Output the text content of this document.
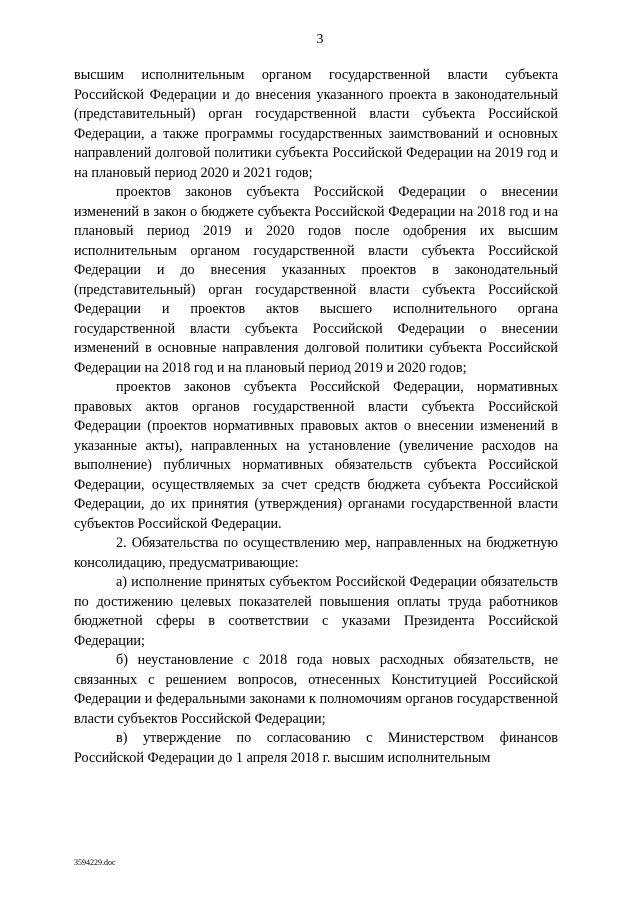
3

высшим исполнительным органом государственной власти субъекта Российской Федерации и до внесения указанного проекта в законодательный (представительный) орган государственной власти субъекта Российской Федерации, а также программы государственных заимствований и основных направлений долговой политики субъекта Российской Федерации на 2019 год и на плановый период 2020 и 2021 годов;

проектов законов субъекта Российской Федерации о внесении изменений в закон о бюджете субъекта Российской Федерации на 2018 год и на плановый период 2019 и 2020 годов после одобрения их высшим исполнительным органом государственной власти субъекта Российской Федерации и до внесения указанных проектов в законодательный (представительный) орган государственной власти субъекта Российской Федерации и проектов актов высшего исполнительного органа государственной власти субъекта Российской Федерации о внесении изменений в основные направления долговой политики субъекта Российской Федерации на 2018 год и на плановый период 2019 и 2020 годов;

проектов законов субъекта Российской Федерации, нормативных правовых актов органов государственной власти субъекта Российской Федерации (проектов нормативных правовых актов о внесении изменений в указанные акты), направленных на установление (увеличение расходов на выполнение) публичных нормативных обязательств субъекта Российской Федерации, осуществляемых за счет средств бюджета субъекта Российской Федерации, до их принятия (утверждения) органами государственной власти субъектов Российской Федерации.

2. Обязательства по осуществлению мер, направленных на бюджетную консолидацию, предусматривающие:

а) исполнение принятых субъектом Российской Федерации обязательств по достижению целевых показателей повышения оплаты труда работников бюджетной сферы в соответствии с указами Президента Российской Федерации;

б) неустановление с 2018 года новых расходных обязательств, не связанных с решением вопросов, отнесенных Конституцией Российской Федерации и федеральными законами к полномочиям органов государственной власти субъектов Российской Федерации;

в) утверждение по согласованию с Министерством финансов Российской Федерации до 1 апреля 2018 г. высшим исполнительным

3594229.doc
